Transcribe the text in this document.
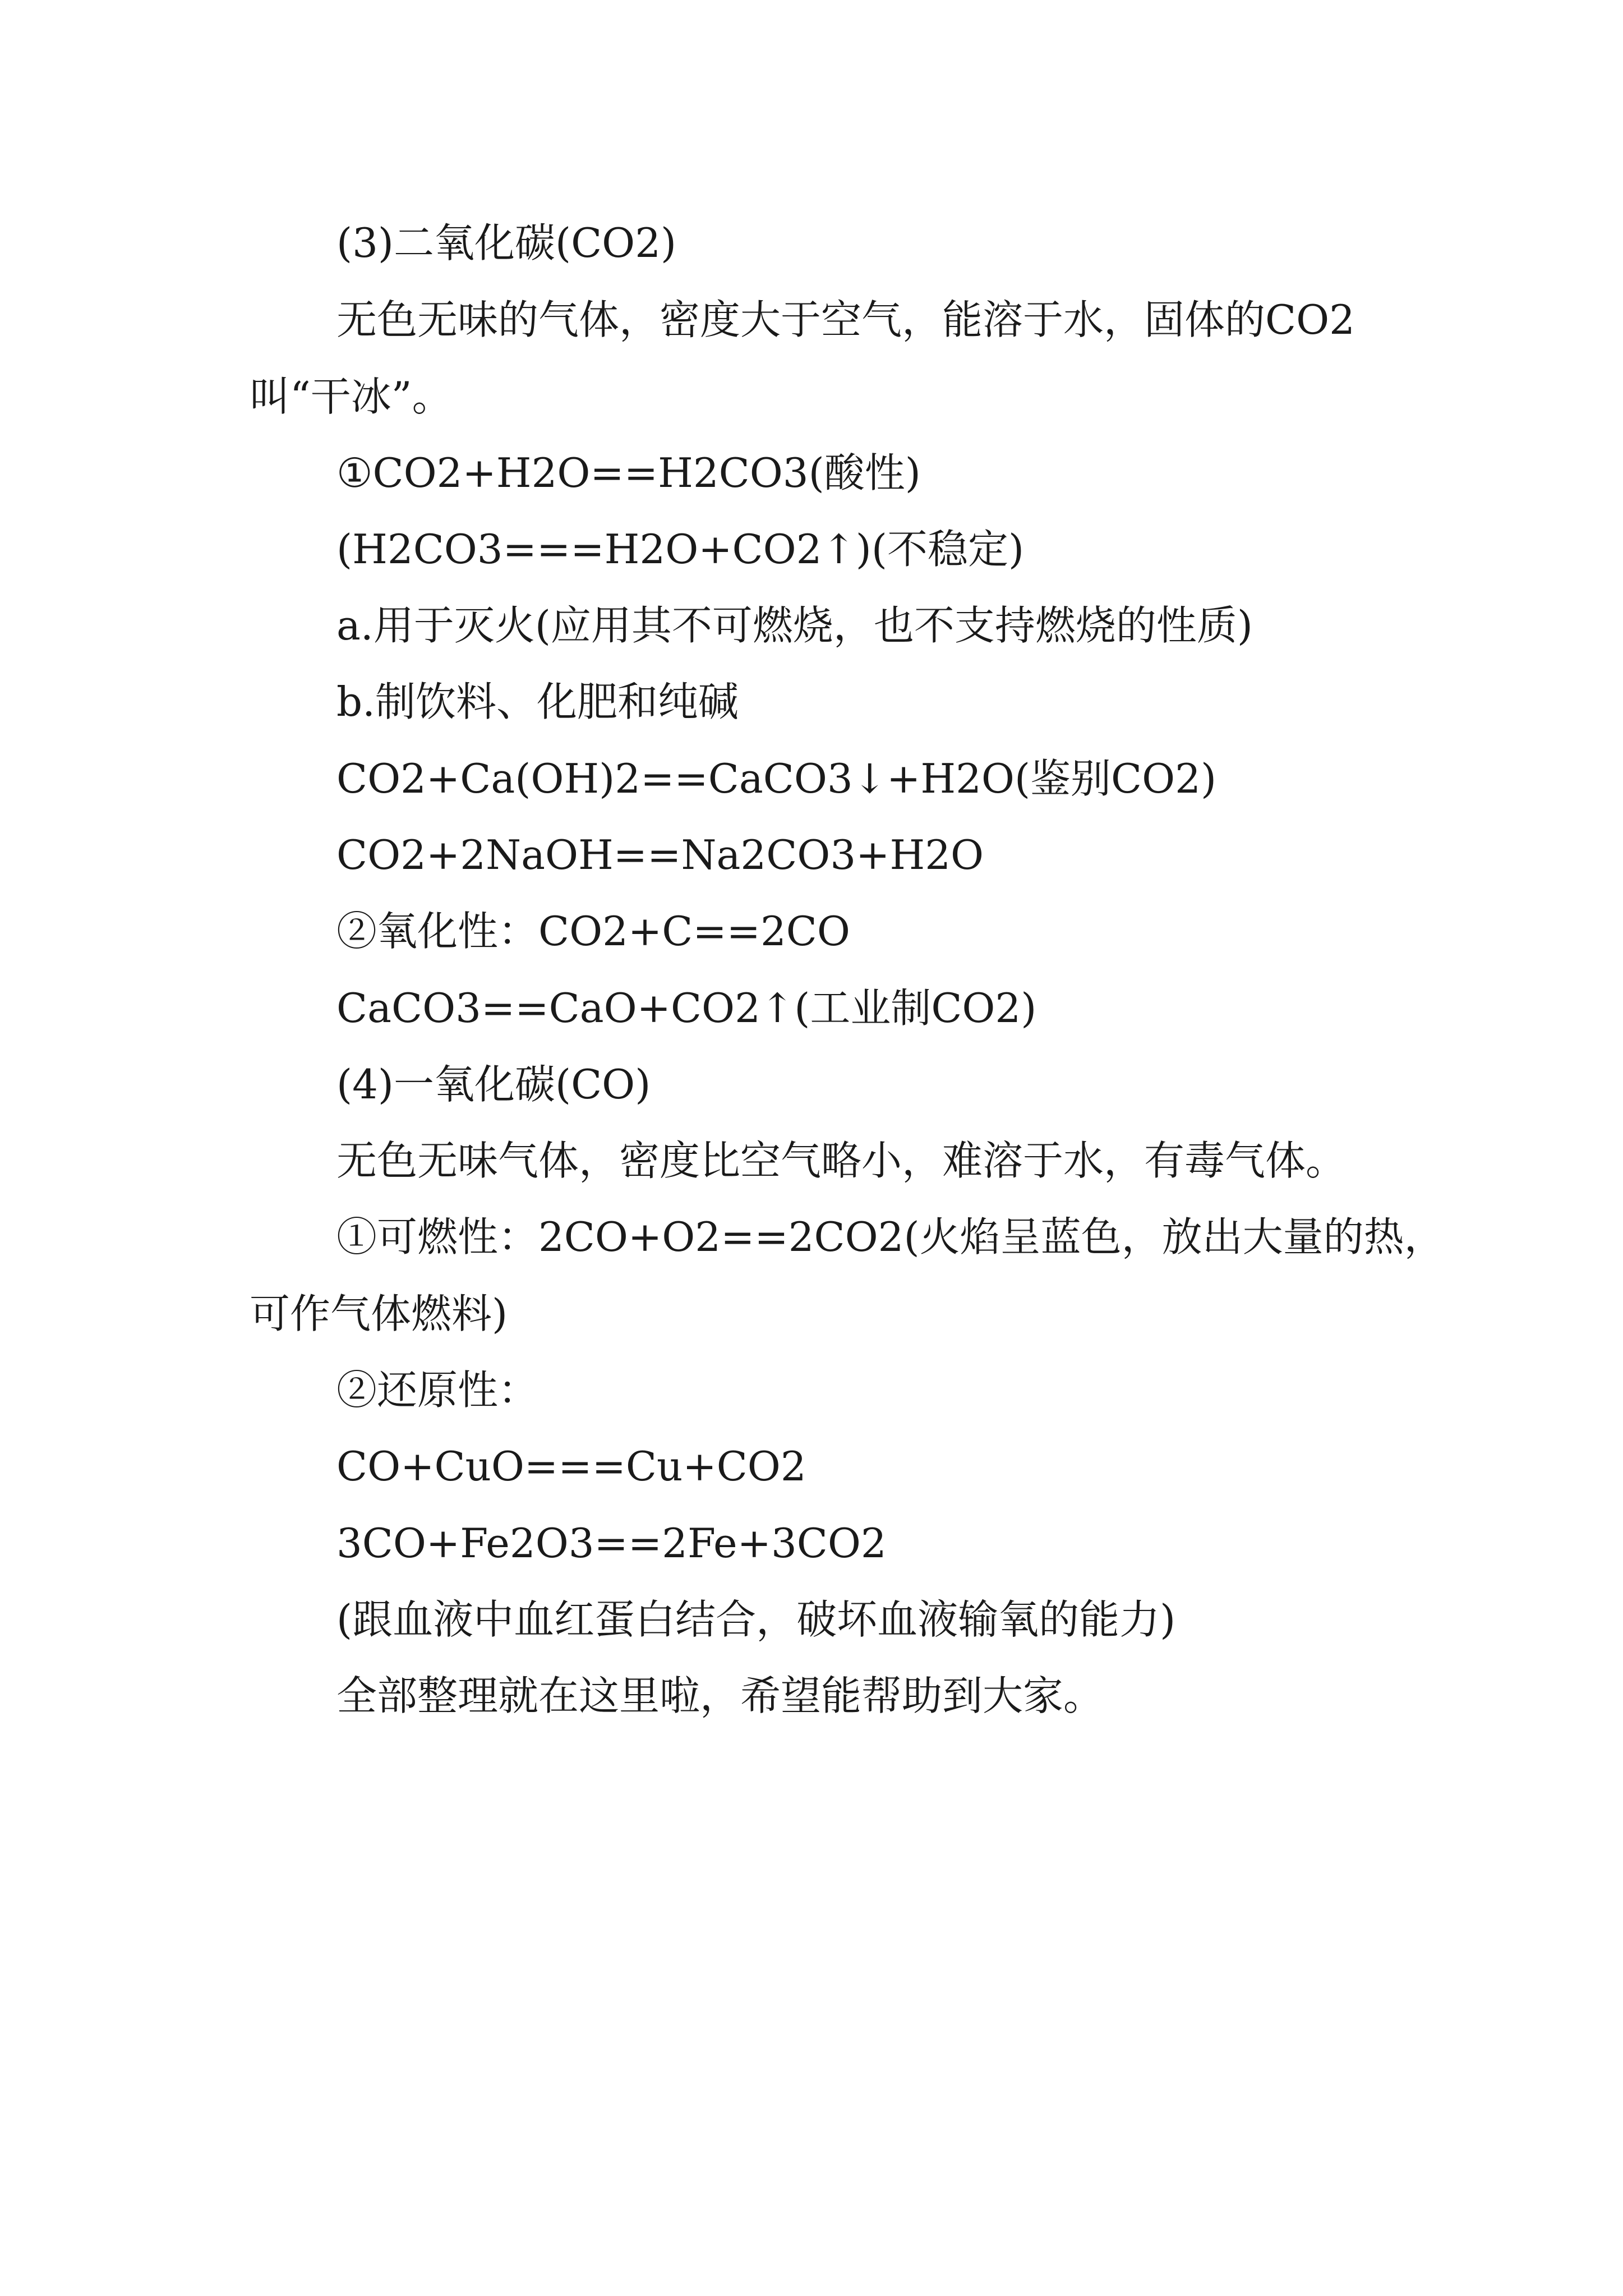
(3)二氧化碳(CO2)
无色无味的气体，密度大于空气，能溶于水，固体的CO2
叫“干冰”。
①CO2+H2O==H2CO3(酸性)
(H2CO3===H2O+CO2↑)(不稳定)
a.用于灭火(应用其不可燃烧，也不支持燃烧的性质)
b.制饮料、化肥和纯碱
CO2+Ca(OH)2==CaCO3↓+H2O(鉴别CO2)
CO2+2NaOH==Na2CO3+H2O
②氧化性：CO2+C==2CO
CaCO3==CaO+CO2↑(工业制CO2)
(4)一氧化碳(CO)
无色无味气体，密度比空气略小，难溶于水，有毒气体。
①可燃性：2CO+O2==2CO2(火焰呈蓝色，放出大量的热，
可作气体燃料)
②还原性：
CO+CuO===Cu+CO2
3CO+Fe2O3==2Fe+3CO2
(跟血液中血红蛋白结合，破坏血液输氧的能力)
全部整理就在这里啦，希望能帮助到大家。
